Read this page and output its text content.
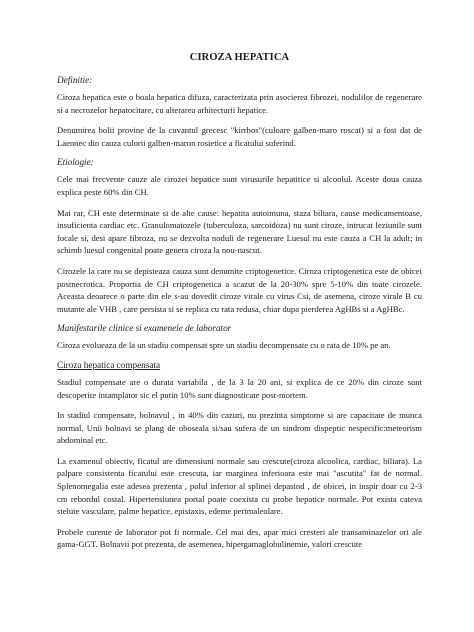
CIROZA HEPATICA
Definitie:

Ciroza hepatica este o boala hepatica difuza, caracterizata prin asocierea fibrozei, nodulilor de regenerare si a necrozelor hepatocitare, cu alterarea arhitecturii hepatice.

Denumirea bolii provine de la cuvantul grecesc "kirrhos"(culoare galben-maro roscat) si a fost dat de Laennec din cauza culorii galben-maron rosietice a ficatului suferind.

Etiologie:

Cele mai frecvente cauze ale cirozei hepatice sunt virusurile hepatitice si alcoolul. Aceste doua cauza explica peste 60% din CH.

Mai rar, CH este determinate si de alte cause: hepatita autoimuna, staza biliara, cause medicamentoase, insuficienta cardiac etc. Granulomatozele (tuberculoza, sarcoidoza) nu sunt ciroze, intrucat leziunile sunt focale si, desi apare fibroza, nu se dezvolta noduli de regenerare Luesul nu este cauza a CH la adult; in schimb luesul congenital poate genera ciroza la nou-nascut.

Cirozele la care nu se depisteaza cauza sunt denumite criptogenetice. Ciroza criptogenetica este de obicei postnecrotica. Proportia de CH criptogenetica a scazut de la 20-30% spre 5-10% din toate cirozele. Aceasta deoarece o parte din ele s-au dovedit ciroze virale cu virus Csi, de asemena, ciroze virale B cu mutante ale VHB , care persista si se replica cu rata redusa, chiar dupa pierderea AgHBs si a AgHBc.

Manifestarile clinice si examenele de laborator

Ciroza evolueaza de la un stadiu compensat spre un stadiu decompensate cu o rata de 10% pe an.

Ciroza hepatica compensata

Stadiul compensate are o durata variabila , de la 3 la 20 ani, si explica de ce 20% din ciroze sunt descoperite intamplator sic el putin 10% sunt diagnosticate post-mortem.

In stadiul compensate, bolnavul , in 40% din cazuri, nu prezinta simptome si are capacitate de munca normal. Unii bolnavi se plang de oboseala si/sau sufera de un sindrom dispeptic nespecific:meteorism abdominal etc.

La examenul obiectiv, ficatul are dimensiuni normale sau crescute(ciroza alcoolica, cardiac, biliara). La palpare consistenta ficatului este crescuta, iar marginea inferioara este mai "ascutita" fat de normal. Splenomegalia este adesea prezenta , polul inferior al splinei depasind , de obicei, in inspir doar cu 2-3 cm rebordul costal. Hipertensiunea portal poate coexista cu probe hepatice normale. Pot exista cateva stelute vasculare, palme hepatice, epistaxis, edeme perimaleolare.

Probele curente de laborator pot fi normale. Cel mai des, apar mici cresteri ale transaminazelor ori ale gama-GGT. Bolnavii pot prezenta, de asemenea, hipergamaglobulinemie, valori crescute
